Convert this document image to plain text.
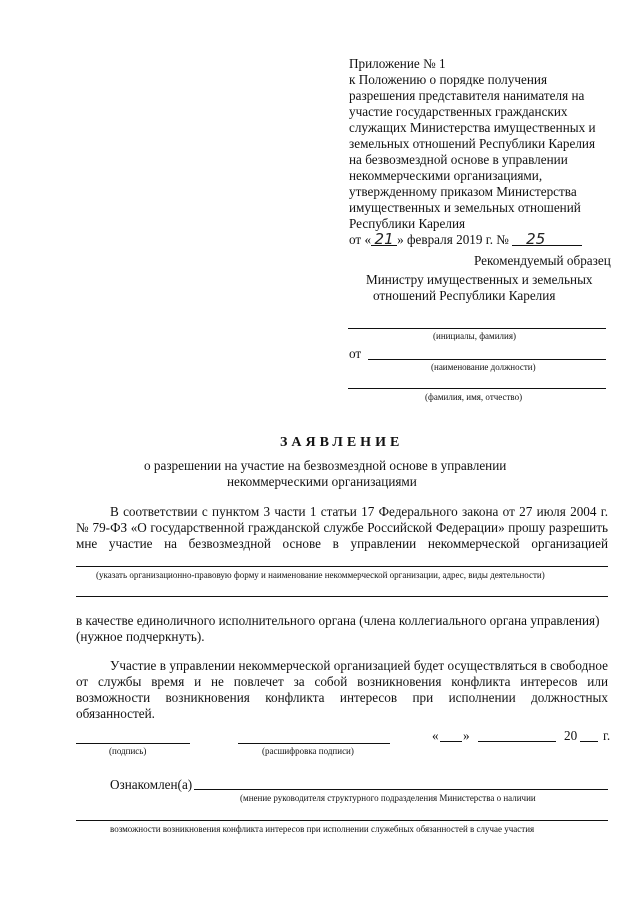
Приложение № 1
к Положению о порядке получения
разрешения представителя нанимателя на
участие государственных гражданских
служащих Министерства имущественных и
земельных отношений Республики Карелия
на безвозмездной основе в управлении
некоммерческими организациями,
утвержденному приказом Министерства
имущественных и земельных отношений
Республики Карелия
от « 21 » февраля 2019 г. № 25
Рекомендуемый образец
Министру имущественных и земельных
отношений Республики Карелия
(инициалы, фамилия)
от
(наименование должности)
(фамилия, имя, отчество)
ЗАЯВЛЕНИЕ
о разрешении на участие на безвозмездной основе в управлении
некоммерческими организациями
В соответствии с пунктом 3 части 1 статьи 17 Федерального закона от 27 июля 2004 г.
№ 79-ФЗ «О государственной гражданской службе Российской Федерации» прошу разрешить
мне участие на безвозмездной основе в управлении некоммерческой организацией
(указать организационно-правовую форму и наименование некоммерческой организации, адрес, виды деятельности)
в качестве единоличного исполнительного органа (члена коллегиального органа управления)
(нужное подчеркнуть).
Участие в управлении некоммерческой организацией будет осуществляться в свободное
от службы время и не повлечет за собой возникновения конфликта интересов или
возможности возникновения конфликта интересов при исполнении должностных
обязанностей.
(подпись)	(расшифровка подписи)
« »	20 г.
Ознакомлен(а)
(мнение руководителя структурного подразделения Министерства о наличии
возможности возникновения конфликта интересов при исполнении служебных обязанностей в случае участия
